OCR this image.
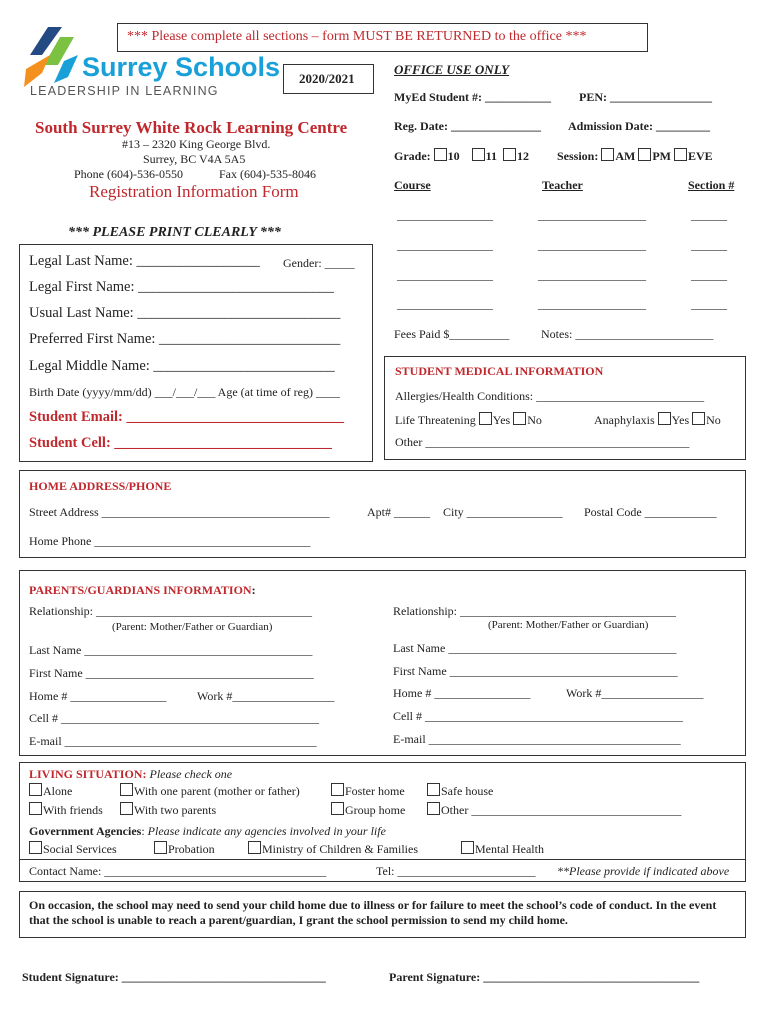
*** Please complete all sections – form MUST BE RETURNED to the office ***
Surrey Schools
LEADERSHIP IN LEARNING
2020/2021
South Surrey White Rock Learning Centre
#13 – 2320 King George Blvd.
Surrey, BC V4A 5A5
Phone (604)-536-0550	Fax (604)-535-8046
Registration Information Form
*** PLEASE PRINT CLEARLY ***
Legal Last Name: _________________ Gender: _____
Legal First Name: ___________________________
Usual Last Name: ____________________________
Preferred First Name: _________________________
Legal Middle Name: _________________________
Birth Date (yyyy/mm/dd) ___/___/___ Age (at time of reg) ____
Student Email: ______________________________
Student Cell: ______________________________
OFFICE USE ONLY
MyEd Student #: ___________ PEN: _________________
Reg. Date: _______________ Admission Date: _________
Grade: 10 11 12 Session: AM PM EVE
Course	Teacher	Section #
________________	__________________	______
________________	__________________	______
________________	__________________	______
________________	__________________	______
Fees Paid $__________	Notes: _______________________
STUDENT MEDICAL INFORMATION
Allergies/Health Conditions: ____________________________
Life Threatening Yes No	Anaphylaxis Yes No
Other ____________________________________________
HOME ADDRESS/PHONE
Street Address ______________________________________	Apt# ______ City ________________ Postal Code ____________
Home Phone ____________________________________
PARENTS/GUARDIANS INFORMATION:
Relationship: ____________________________________
(Parent: Mother/Father or Guardian)
Last Name ______________________________________
First Name ______________________________________
Home # ________________	Work #_________________
Cell # ___________________________________________
E-mail __________________________________________
Relationship: ____________________________________
(Parent: Mother/Father or Guardian)
Last Name ______________________________________
First Name ______________________________________
Home # ________________	Work #_________________
Cell # ___________________________________________
E-mail __________________________________________
LIVING SITUATION: Please check one
Alone	With one parent (mother or father)	Foster home	Safe house
With friends	With two parents	Group home	Other ___________________________________
Government Agencies: Please indicate any agencies involved in your life
Social Services	Probation	Ministry of Children & Families	Mental Health
Contact Name: _____________________________________	Tel: _______________________ **Please provide if indicated above
On occasion, the school may need to send your child home due to illness or for failure to meet the school’s code of conduct. In the event that the school is unable to reach a parent/guardian, I grant the school permission to send my child home.
Student Signature: __________________________________	Parent Signature: ____________________________________
